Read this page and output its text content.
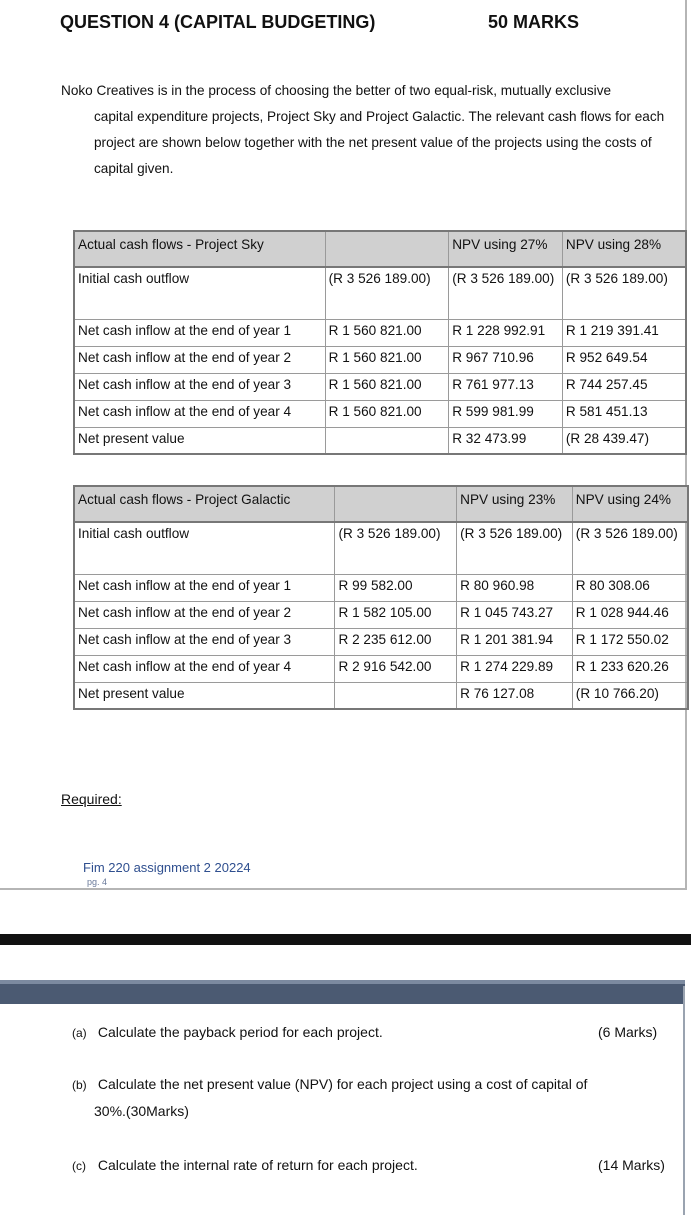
QUESTION 4 (CAPITAL BUDGETING)	50 MARKS
Noko Creatives is in the process of choosing the better of two equal-risk, mutually exclusive
capital expenditure projects, Project Sky and Project Galactic. The relevant cash flows for each project are shown below together with the net present value of the projects using the costs of capital given.
Actual cash flows - Project Sky		NPV using 27%	NPV using 28%
Initial cash outflow	(R 3 526 189.00)	(R 3 526 189.00)	(R 3 526 189.00)
Net cash inflow at the end of year 1	R 1 560 821.00	R 1 228 992.91	R 1 219 391.41
Net cash inflow at the end of year 2	R 1 560 821.00	R 967 710.96	R 952 649.54
Net cash inflow at the end of year 3	R 1 560 821.00	R 761 977.13	R 744 257.45
Net cash inflow at the end of year 4	R 1 560 821.00	R 599 981.99	R 581 451.13
Net present value		R 32 473.99	(R 28 439.47)
Actual cash flows - Project Galactic		NPV using 23%	NPV using 24%
Initial cash outflow	(R 3 526 189.00)	(R 3 526 189.00)	(R 3 526 189.00)
Net cash inflow at the end of year 1	R 99 582.00	R 80 960.98	R 80 308.06
Net cash inflow at the end of year 2	R 1 582 105.00	R 1 045 743.27	R 1 028 944.46
Net cash inflow at the end of year 3	R 2 235 612.00	R 1 201 381.94	R 1 172 550.02
Net cash inflow at the end of year 4	R 2 916 542.00	R 1 274 229.89	R 1 233 620.26
Net present value		R 76 127.08	(R 10 766.20)
Required:
Fim 220 assignment 2 20224
pg. 4
(a) Calculate the payback period for each project.	(6 Marks)
(b) Calculate the net present value (NPV) for each project using a cost of capital of
30%.(30Marks)
(c) Calculate the internal rate of return for each project.	(14 Marks)
